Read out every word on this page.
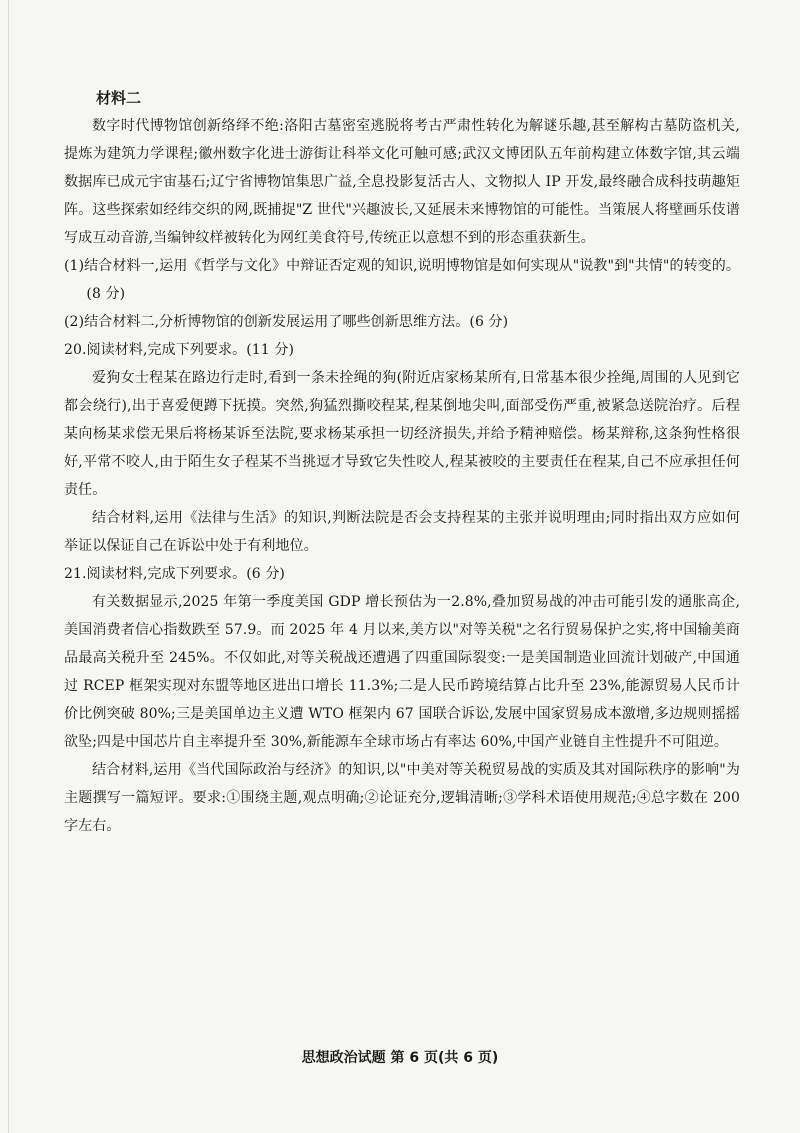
材料二

数字时代博物馆创新络绎不绝:洛阳古墓密室逃脱将考古严肃性转化为解谜乐趣,甚至解构古墓防盗机关,提炼为建筑力学课程;徽州数字化进士游街让科举文化可触可感;武汉文博团队五年前构建立体数字馆,其云端数据库已成元宇宙基石;辽宁省博物馆集思广益,全息投影复活古人、文物拟人 IP 开发,最终融合成科技萌趣矩阵。这些探索如经纬交织的网,既捕捉"Z 世代"兴趣波长,又延展未来博物馆的可能性。当策展人将壁画乐伎谱写成互动音游,当编钟纹样被转化为网红美食符号,传统正以意想不到的形态重获新生。

(1)结合材料一,运用《哲学与文化》中辩证否定观的知识,说明博物馆是如何实现从"说教"到"共情"的转变的。(8 分)

(2)结合材料二,分析博物馆的创新发展运用了哪些创新思维方法。(6 分)

20.阅读材料,完成下列要求。(11 分)

爱狗女士程某在路边行走时,看到一条未拴绳的狗(附近店家杨某所有,日常基本很少拴绳,周围的人见到它都会绕行),出于喜爱便蹲下抚摸。突然,狗猛烈撕咬程某,程某倒地尖叫,面部受伤严重,被紧急送院治疗。后程某向杨某求偿无果后将杨某诉至法院,要求杨某承担一切经济损失,并给予精神赔偿。杨某辩称,这条狗性格很好,平常不咬人,由于陌生女子程某不当挑逗才导致它失性咬人,程某被咬的主要责任在程某,自己不应承担任何责任。

结合材料,运用《法律与生活》的知识,判断法院是否会支持程某的主张并说明理由;同时指出双方应如何举证以保证自己在诉讼中处于有利地位。

21.阅读材料,完成下列要求。(6 分)

有关数据显示,2025 年第一季度美国 GDP 增长预估为一2.8%,叠加贸易战的冲击可能引发的通胀高企,美国消费者信心指数跌至 57.9。而 2025 年 4 月以来,美方以"对等关税"之名行贸易保护之实,将中国输美商品最高关税升至 245%。不仅如此,对等关税战还遭遇了四重国际裂变:一是美国制造业回流计划破产,中国通过 RCEP 框架实现对东盟等地区进出口增长 11.3%;二是人民币跨境结算占比升至 23%,能源贸易人民币计价比例突破 80%;三是美国单边主义遭 WTO 框架内 67 国联合诉讼,发展中国家贸易成本激增,多边规则摇摇欲坠;四是中国芯片自主率提升至 30%,新能源车全球市场占有率达 60%,中国产业链自主性提升不可阻逆。

结合材料,运用《当代国际政治与经济》的知识,以"中美对等关税贸易战的实质及其对国际秩序的影响"为主题撰写一篇短评。要求:①围绕主题,观点明确;②论证充分,逻辑清晰;③学科术语使用规范;④总字数在 200 字左右。

思想政治试题 第 6 页(共 6 页)
